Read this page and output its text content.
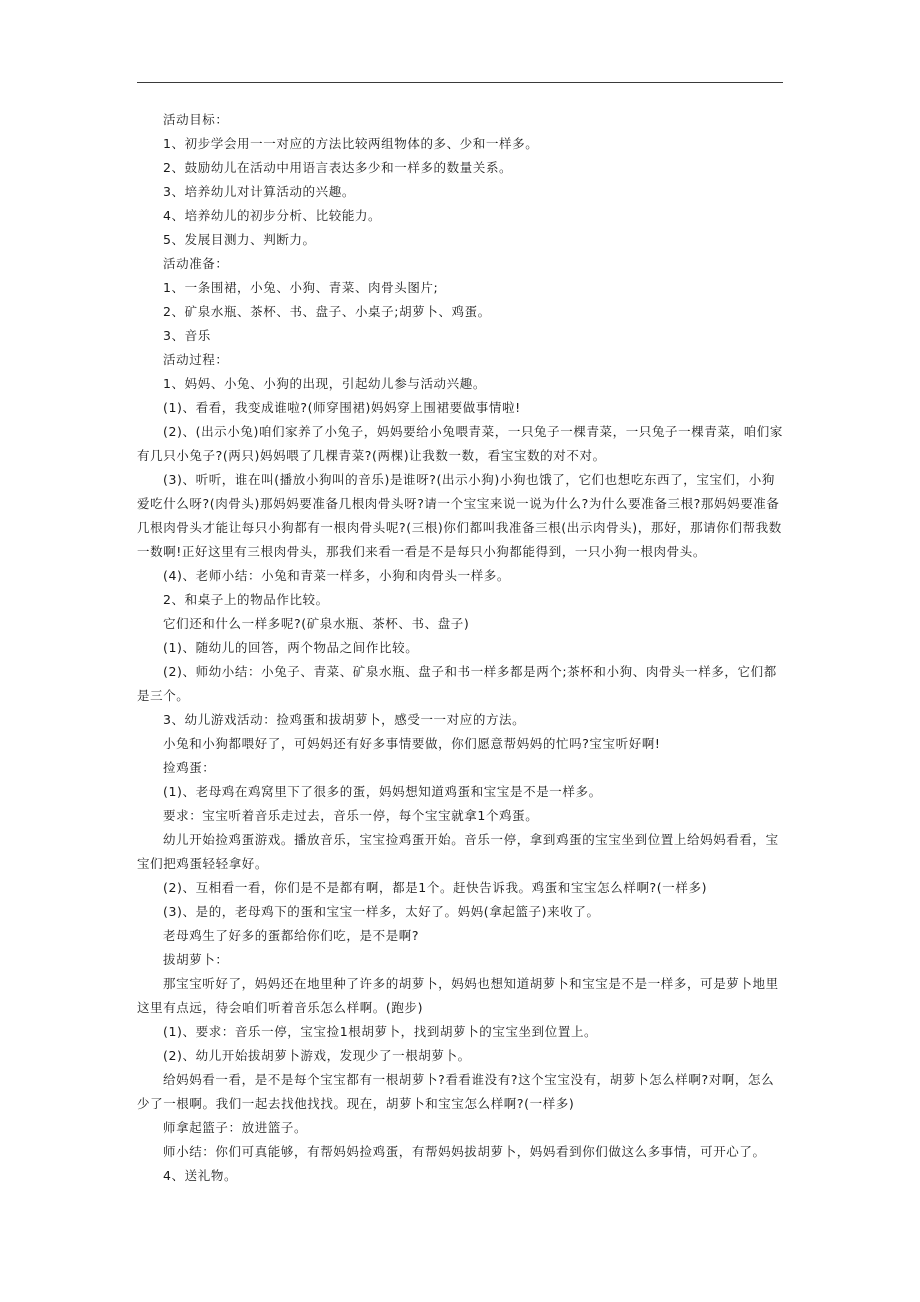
活动目标：

1、初步学会用一一对应的方法比较两组物体的多、少和一样多。

2、鼓励幼儿在活动中用语言表达多少和一样多的数量关系。

3、培养幼儿对计算活动的兴趣。

4、培养幼儿的初步分析、比较能力。

5、发展目测力、判断力。

活动准备：

1、一条围裙，小兔、小狗、青菜、肉骨头图片;

2、矿泉水瓶、茶杯、书、盘子、小桌子;胡萝卜、鸡蛋。

3、音乐

活动过程：

1、妈妈、小兔、小狗的出现，引起幼儿参与活动兴趣。

(1)、看看，我变成谁啦?(师穿围裙)妈妈穿上围裙要做事情啦!

(2)、(出示小兔)咱们家养了小兔子，妈妈要给小兔喂青菜，一只兔子一棵青菜，一只兔子一棵青菜，咱们家有几只小兔子?(两只)妈妈喂了几棵青菜?(两棵)让我数一数，看宝宝数的对不对。

(3)、听听，谁在叫(播放小狗叫的音乐)是谁呀?(出示小狗)小狗也饿了，它们也想吃东西了，宝宝们，小狗爱吃什么呀?(肉骨头)那妈妈要准备几根肉骨头呀?请一个宝宝来说一说为什么?为什么要准备三根?那妈妈要准备几根肉骨头才能让每只小狗都有一根肉骨头呢?(三根)你们都叫我准备三根(出示肉骨头)，那好，那请你们帮我数一数啊!正好这里有三根肉骨头，那我们来看一看是不是每只小狗都能得到，一只小狗一根肉骨头。

(4)、老师小结：小兔和青菜一样多，小狗和肉骨头一样多。

2、和桌子上的物品作比较。

它们还和什么一样多呢?(矿泉水瓶、茶杯、书、盘子)

(1)、随幼儿的回答，两个物品之间作比较。

(2)、师幼小结：小兔子、青菜、矿泉水瓶、盘子和书一样多都是两个;茶杯和小狗、肉骨头一样多，它们都是三个。

3、幼儿游戏活动：捡鸡蛋和拔胡萝卜，感受一一对应的方法。

小兔和小狗都喂好了，可妈妈还有好多事情要做，你们愿意帮妈妈的忙吗?宝宝听好啊!

捡鸡蛋：

(1)、老母鸡在鸡窝里下了很多的蛋，妈妈想知道鸡蛋和宝宝是不是一样多。

要求：宝宝听着音乐走过去，音乐一停，每个宝宝就拿1个鸡蛋。

幼儿开始捡鸡蛋游戏。播放音乐，宝宝捡鸡蛋开始。音乐一停，拿到鸡蛋的宝宝坐到位置上给妈妈看看，宝宝们把鸡蛋轻轻拿好。

(2)、互相看一看，你们是不是都有啊，都是1个。赶快告诉我。鸡蛋和宝宝怎么样啊?(一样多)

(3)、是的，老母鸡下的蛋和宝宝一样多，太好了。妈妈(拿起篮子)来收了。

老母鸡生了好多的蛋都给你们吃，是不是啊?

拔胡萝卜：

那宝宝听好了，妈妈还在地里种了许多的胡萝卜，妈妈也想知道胡萝卜和宝宝是不是一样多，可是萝卜地里这里有点远，待会咱们听着音乐怎么样啊。(跑步)

(1)、要求：音乐一停，宝宝捡1根胡萝卜，找到胡萝卜的宝宝坐到位置上。

(2)、幼儿开始拔胡萝卜游戏，发现少了一根胡萝卜。

给妈妈看一看，是不是每个宝宝都有一根胡萝卜?看看谁没有?这个宝宝没有，胡萝卜怎么样啊?对啊，怎么少了一根啊。我们一起去找他找找。现在，胡萝卜和宝宝怎么样啊?(一样多)

师拿起篮子：放进篮子。

师小结：你们可真能够，有帮妈妈捡鸡蛋，有帮妈妈拔胡萝卜，妈妈看到你们做这么多事情，可开心了。

4、送礼物。
